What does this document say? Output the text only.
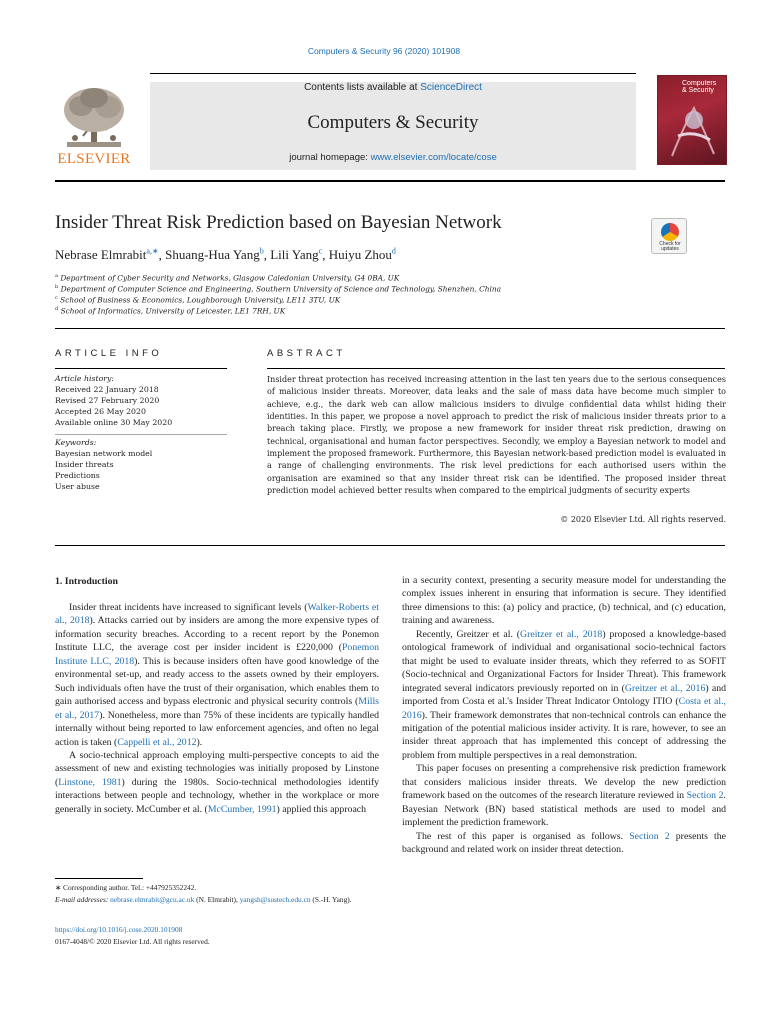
Computers & Security 96 (2020) 101908
Contents lists available at ScienceDirect
Computers & Security
journal homepage: www.elsevier.com/locate/cose
ELSEVIER
Computers
& Security
Insider Threat Risk Prediction based on Bayesian Network
Check for
updates
Nebrase Elmrabit$^{a,∗}$, Shuang-Hua Yang$^b$, Lili Yang$^c$, Huiyu Zhou$^d$
$^a$ Department of Cyber Security and Networks, Glasgow Caledonian University, G4 0BA, UK
$^b$ Department of Computer Science and Engineering, Southern University of Science and Technology, Shenzhen, China
$^c$ School of Business & Economics, Loughborough University, LE11 3TU, UK
$^d$ School of Informatics, University of Leicester, LE1 7RH, UK
ARTICLE INFO	ABSTRACT
Article history:
Received 22 January 2018
Revised 27 February 2020
Accepted 26 May 2020
Available online 30 May 2020
Keywords:
Bayesian network model
Insider threats
Predictions
User abuse
Insider threat protection has received increasing attention in the last ten years due to the serious consequences of malicious insider threats. Moreover, data leaks and the sale of mass data have become much simpler to achieve, e.g., the dark web can allow malicious insiders to divulge confidential data whilst hiding their identities. In this paper, we propose a novel approach to predict the risk of malicious insider threats prior to a breach taking place. Firstly, we propose a new framework for insider threat risk prediction, drawing on technical, organisational and human factor perspectives. Secondly, we employ a Bayesian network to model and implement the proposed framework. Furthermore, this Bayesian network-based prediction model is evaluated in a range of challenging environments. The risk level predictions for each authorised users within the organisation are examined so that any insider threat risk can be identified. The proposed insider threat prediction model achieved better results when compared to the empirical judgments of security experts
© 2020 Elsevier Ltd. All rights reserved.
1. Introduction

Insider threat incidents have increased to significant levels (Walker-Roberts et al., 2018). Attacks carried out by insiders are among the more expensive types of information security breaches. According to a recent report by the Ponemon Institute LLC, the average cost per insider incident is £220,000 (Ponemon Institute LLC, 2018). This is because insiders often have good knowledge of the environmental set-up, and ready access to the assets owned by their employers. Such individuals often have the trust of their organisation, which enables them to gain authorised access and bypass electronic and physical security controls (Mills et al., 2017). Nonetheless, more than 75% of these incidents are typically handled internally without being reported to law enforcement agencies, and often no legal action is taken (Cappelli et al., 2012).

A socio-technical approach employing multi-perspective concepts to aid the assessment of new and existing technologies was initially proposed by Linstone (Linstone, 1981) during the 1980s. Socio-technical methodologies identify interactions between people and technology, whether in the workplace or more generally in society. McCumber et al. (McCumber, 1991) applied this approach

in a security context, presenting a security measure model for understanding the complex issues inherent in ensuring that information is secure. They identified three dimensions to this: (a) policy and practice, (b) technical, and (c) education, training and awareness.

Recently, Greitzer et al. (Greitzer et al., 2018) proposed a knowledge-based ontological framework of individual and organisational socio-technical factors that might be used to evaluate insider threats, which they referred to as SOFIT (Socio-technical and Organizational Factors for Insider Threat). This framework integrated several indicators previously reported on in (Greitzer et al., 2016) and imported from Costa et al.'s Insider Threat Indicator Ontology ITIO (Costa et al., 2016). Their framework demonstrates that non-technical controls can enhance the mitigation of the potential malicious insider activity. It is rare, however, to see an insider threat approach that has implemented this concept of addressing the problem from multiple perspectives in a real demonstration.

This paper focuses on presenting a comprehensive risk prediction framework that considers malicious insider threats. We develop the new prediction framework based on the outcomes of the research literature reviewed in Section 2. Bayesian Network (BN) based statistical methods are used to model and implement the prediction framework.

The rest of this paper is organised as follows. Section 2 presents the background and related work on insider threat detection.

∗ Corresponding author. Tel.: +447925352242.
E-mail addresses: nebrase.elmrabit@gcu.ac.uk (N. Elmrabit), yangsh@sustech.edu.cn (S.-H. Yang).
https://doi.org/10.1016/j.cose.2020.101908
0167-4048/© 2020 Elsevier Ltd. All rights reserved.
